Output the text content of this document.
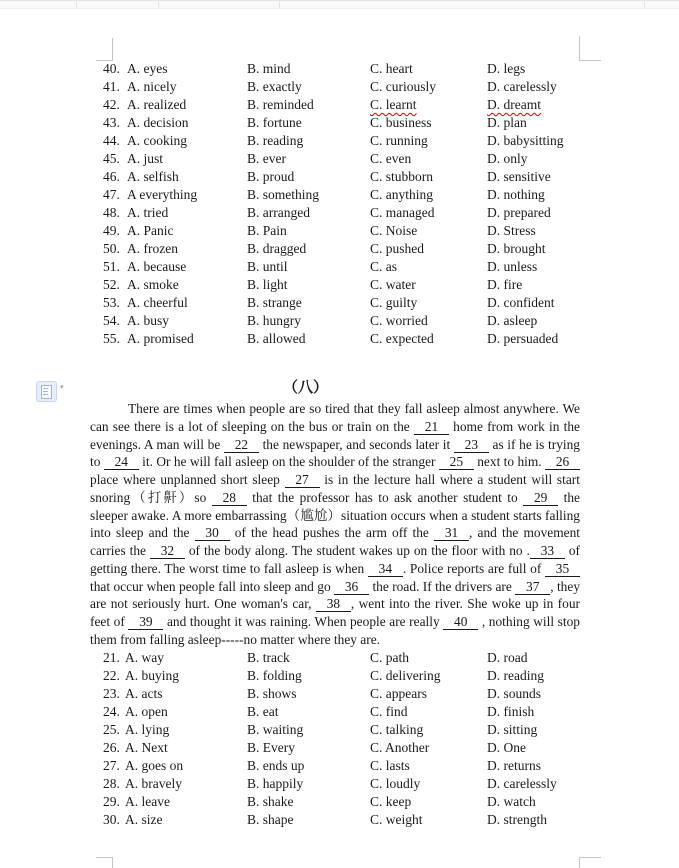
▾
40. A. eyes	B. mind	C. heart	D. legs
41. A. nicely	B. exactly	C. curiously	D. carelessly
42. A. realized	B. reminded	C. learnt	D. dreamt
43. A. decision	B. fortune	C. business	D. plan
44. A. cooking	B. reading	C. running	D. babysitting
45. A. just	B. ever	C. even	D. only
46. A. selfish	B. proud	C. stubborn	D. sensitive
47. A everything	B. something	C. anything	D. nothing
48. A. tried	B. arranged	C. managed	D. prepared
49. A. Panic	B. Pain	C. Noise	D. Stress
50. A. frozen	B. dragged	C. pushed	D. brought
51. A. because	B. until	C. as	D. unless
52. A. smoke	B. light	C. water	D. fire
53. A. cheerful	B. strange	C. guilty	D. confident
54. A. busy	B. hungry	C. worried	D. asleep
55. A. promised	B. allowed	C. expected	D. persuaded
（八）
There are times when people are so tired that they fall asleep almost anywhere. We can see there is a lot of sleeping on the bus or train on the 21 home from work in the evenings. A man will be 22 the newspaper, and seconds later it 23 as if he is trying to 24 it. Or he will fall asleep on the shoulder of the stranger 25 next to him. 26 place where unplanned short sleep 27 is in the lecture hall where a student will start snoring（打鼾）so 28 that the professor has to ask another student to 29 the sleeper awake. A more embarrassing（尴尬）situation occurs when a student starts falling into sleep and the 30 of the head pushes the arm off the 31 , and the movement carries the 32 of the body along. The student wakes up on the floor with no . 33 of getting there. The worst time to fall asleep is when 34 . Police reports are full of 35 that occur when people fall into sleep and go 36 the road. If the drivers are 37 , they are not seriously hurt. One woman's car, 38 , went into the river. She woke up in four feet of 39 and thought it was raining. When people are really 40 , nothing will stop them from falling asleep-----no matter where they are.
21. A. way	B. track	C. path	D. road
22. A. buying	B. folding	C. delivering	D. reading
23. A. acts	B. shows	C. appears	D. sounds
24. A. open	B. eat	C. find	D. finish
25. A. lying	B. waiting	C. talking	D. sitting
26. A. Next	B. Every	C. Another	D. One
27. A. goes on	B. ends up	C. lasts	D. returns
28. A. bravely	B. happily	C. loudly	D. carelessly
29. A. leave	B. shake	C. keep	D. watch
30. A. size	B. shape	C. weight	D. strength
